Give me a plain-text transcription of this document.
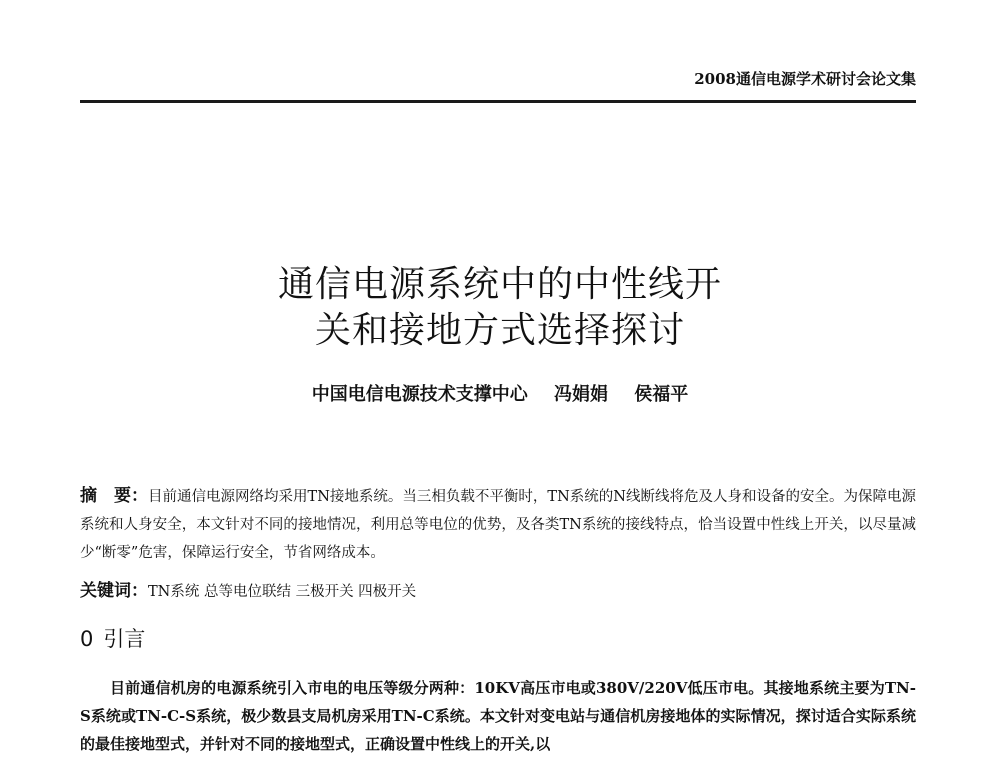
2008通信电源学术研讨会论文集
通信电源系统中的中性线开
关和接地方式选择探讨
中国电信电源技术支撑中心 冯娟娟 侯福平
摘　要：目前通信电源网络均采用TN接地系统。当三相负载不平衡时，TN系统的N线断线将危及人身和设备的安全。为保障电源系统和人身安全，本文针对不同的接地情况，利用总等电位的优势，及各类TN系统的接线特点，恰当设置中性线上开关，以尽量减少“断零”危害，保障运行安全，节省网络成本。
关键词：TN系统 总等电位联结 三极开关 四极开关
0 引言
目前通信机房的电源系统引入市电的电压等级分两种：10KV高压市电或380V/220V低压市电。其接地系统主要为TN-S系统或TN-C-S系统，极少数县支局机房采用TN-C系统。本文针对变电站与通信机房接地体的实际情况，探讨适合实际系统的最佳接地型式，并针对不同的接地型式，正确设置中性线上的开关,以
